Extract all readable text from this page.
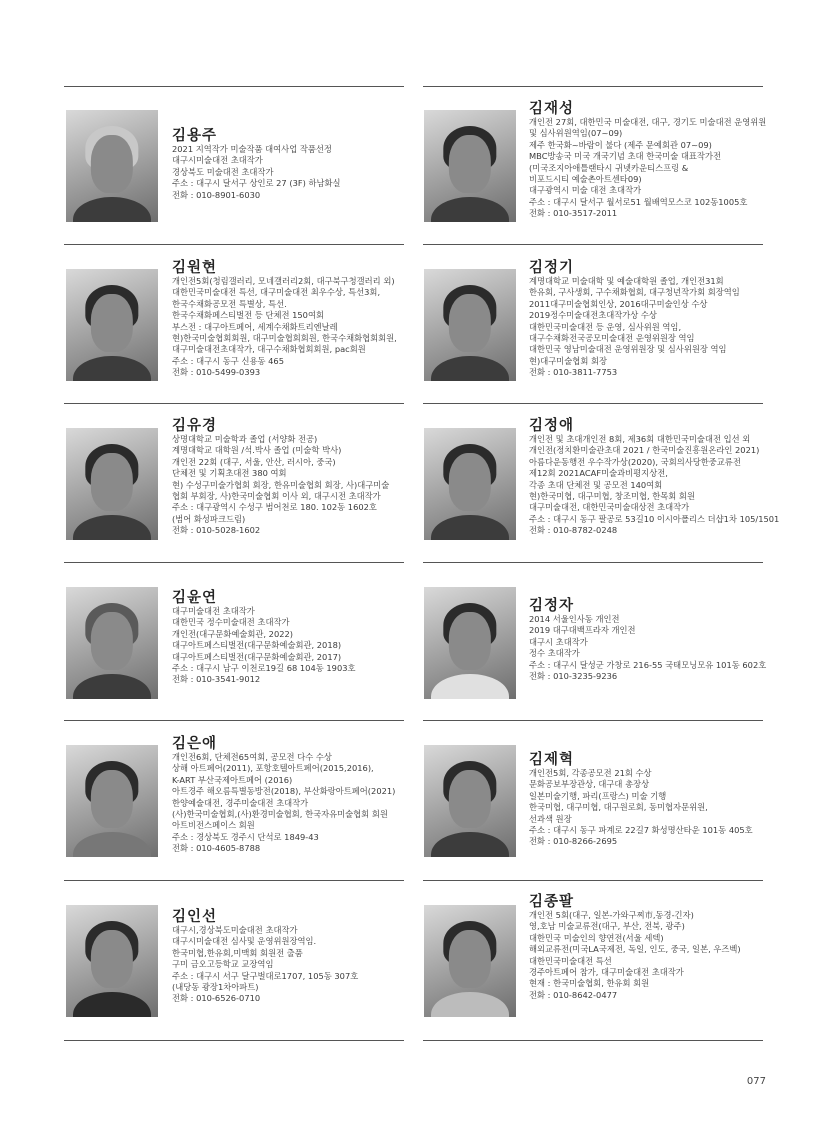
김용주
2021 지역작가 미술작품 대여사업 작품선정
대구시미술대전 초대작가
경상북도 미술대전 초대작가
주소 : 대구시 달서구 상인로 27 (3F) 하남화실
전화 : 010-8901-6030
김재성
개인전 27회, 대한민국 미술대전, 대구, 경기도 미술대전 운영위원
및 심사위원역임(07~09)
제주 한국화~바람이 불다 (제주 문예회관 07~09)
MBC방송국 미국 개국기념 초대 한국미술 대표작가전
(미국조지아애틀랜타시 귀넷카운티스프링 &
비포드시티 예술촌아트센타09)
대구광역시 미술 대전 초대작가
주소 : 대구시 달서구 월서로51 월배역모스코 102동1005호
전화 : 010-3517-2011
김원현
개인전5회(청림갤러리, 모네갤러리2회, 대구북구청갤러리 외)
대한민국미술대전 특선, 대구미술대전 최우수상, 특선3회,
한국수채화공모전 특별상, 특선.
한국수채화페스티벌전 등 단체전 150여회
부스전 : 대구아트페어, 세계수채화트리엔날레
현)한국미술협회회원, 대구미술협회회원, 한국수채화협회회원,
대구미술대전초대작가, 대구수채화협회회원, pac회원
주소 : 대구시 동구 신용동 465
전화 : 010-5499-0393
김정기
계명대학교 미술대학 및 예술대학원 졸업, 개인전31회
한유회, 구사생회, 구수채화협회, 대구청년작가회 회장역임
2011대구미술협회인상, 2016대구미술인상 수상
2019정수미술대전초대작가상 수상
대한민국미술대전 등 운영, 심사위원 역임,
대구수채화전국공모미술대전 운영위원장 역임
대한민국 영남미술대전 운영위원장 및 심사위원장 역임
현)대구미술협회 회장
전화 : 010-3811-7753
김유경
상명대학교 미술학과 졸업 (서양화 전공)
계명대학교 대학원 /석.박사 졸업 (미술학 박사)
개인전 22회 (대구, 서울, 안산, 러시아, 중국)
단체전 및 기획초대전 380 여회
현) 수성구미술가협회 회장, 한유미술협회 회장, 사)대구미술
협회 부회장, 사)한국미술협회 이사 외, 대구시전 초대작가
주소 : 대구광역시 수성구 범어천로 180. 102동 1602호
(범어 화성파크드림)
전화 : 010-5028-1602
김정애
개인전 및 초대개인전 8회, 제36회 대한민국미술대전 입선 외
개인전(정치환미술관초대 2021 / 한국미술진흥원온라인 2021)
아름다운동행전 우수작가상(2020), 국회의사당한중교류전
제12회 2021ACAF미술과비평지상전,
각종 초대 단체전 및 공모전 140여회
현)한국미협, 대구미협, 창조미협, 한목회 회원
대구미술대전, 대한민국미술대상전 초대작가
주소 : 대구시 동구 팔공로 53길10 이시아폴리스 더샵1차 105/1501
전화 : 010-8782-0248
김윤연
대구미술대전 초대작가
대한민국 정수미술대전 초대작가
개인전(대구문화예술회관, 2022)
대구아트페스티벌전(대구문화예술회관, 2018)
대구아트페스티벌전(대구문화예술회관, 2017)
주소 : 대구시 남구 이천로19길 68 104동 1903호
전화 : 010-3541-9012
김정자
2014 서울인사동 개인전
2019 대구대백프라자 개인전
대구시 초대작가
정수 초대작가
주소 : 대구시 달성군 가창로 216-55 국태모닝모유 101동 602호
전화 : 010-3235-9236
김은애
개인전6회, 단체전65여회, 공모전 다수 수상
상해 아트페어(2011), 포항호텔아트페어(2015,2016),
K-ART 부산국제아트페어 (2016)
아트경주 해오름특별동방전(2018), 부산화랑아트페어(2021)
한양예술대전, 경주미술대전 초대작가
(사)한국미술협회,(사)환경미술협회, 한국자유미술협회 회원
아트비전스페이스 회원
주소 : 경상북도 경주시 단석로 1849-43
전화 : 010-4605-8788
김제혁
개인전5회, 각종공모전 21회 수상
문화공보부장관상, 대구대 총장상
일본미술기행, 파리(프랑스) 미술 기행
한국미협, 대구미협, 대구원로회, 동미협자문위원,
선과색 원장
주소 : 대구시 동구 파계로 22길7 화성명산타운 101동 405호
전화 : 010-8266-2695
김인선
대구시,경상북도미술대전 초대작가
대구시미술대전 심사및 운영위원장역임.
한국미협,한유회,미맥회 회원전 출품
구미 금오고등학교 교장역임
주소 : 대구시 서구 달구벌대로1707, 105동 307호
(내당동 광장1차아파트)
전화 : 010-6526-0710
김종팔
개인전 5회(대구, 일본-가와구찌市,동경-긴자)
영,호남 미술교류전(대구, 부산, 전북, 광주)
대한민국 미술인의 향연전(서울 세텍)
해외교류전(미국LA국제전, 독일, 인도, 중국, 일본, 우즈벡)
대한민국미술대전 특선
경주아트페어 참가, 대구미술대전 초대작가
현재 : 한국미술협회, 한유회 회원
전화 : 010-8642-0477
077
